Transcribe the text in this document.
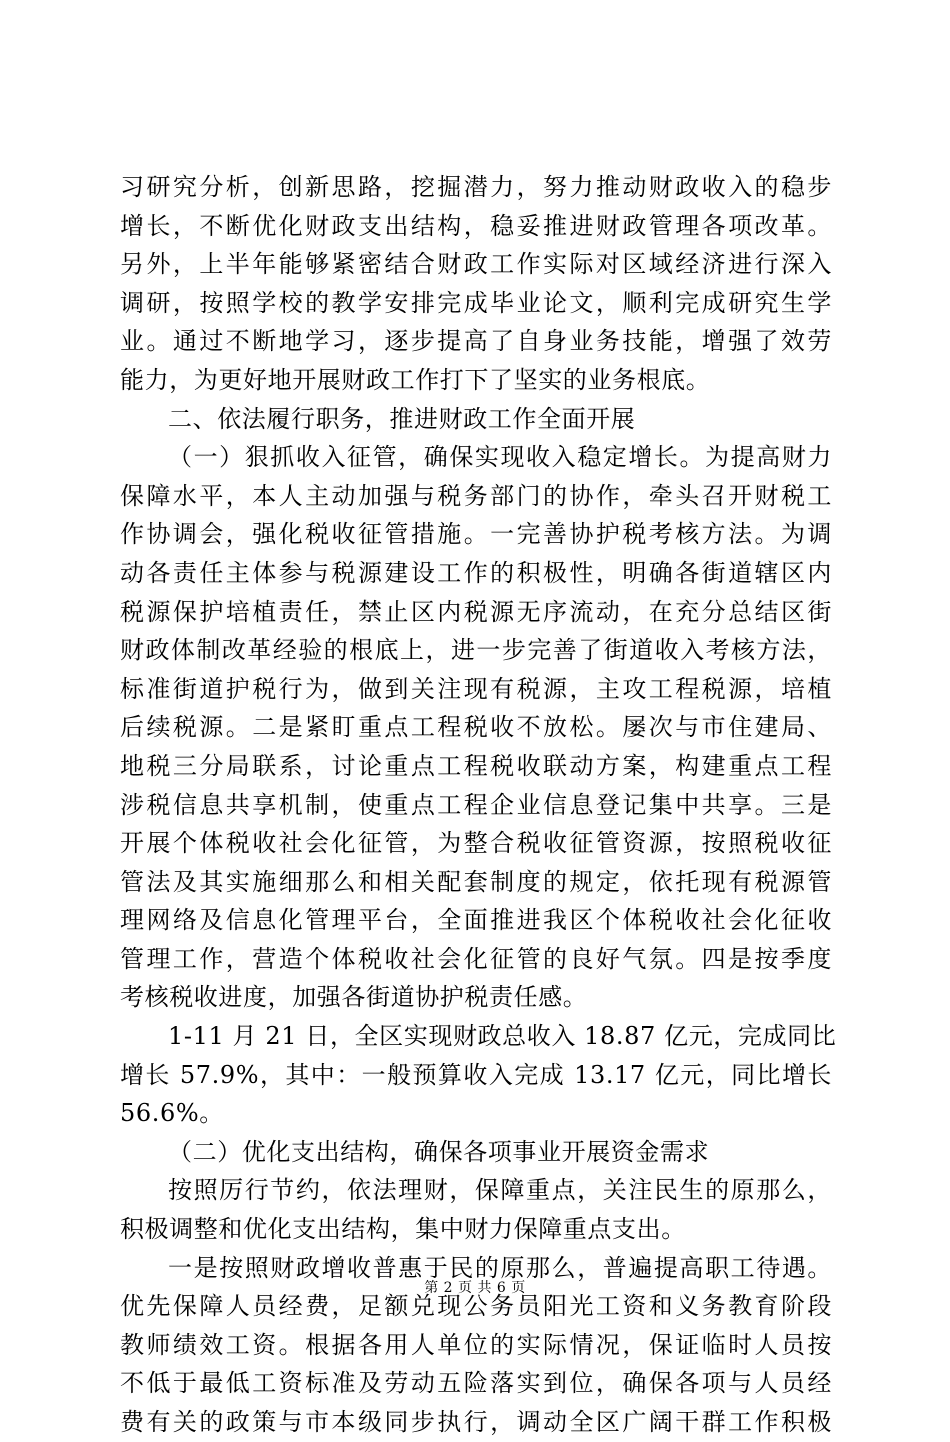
习研究分析，创新思路，挖掘潜力，努力推动财政收入的稳步
增长，不断优化财政支出结构，稳妥推进财政管理各项改革。
另外，上半年能够紧密结合财政工作实际对区域经济进行深入
调研，按照学校的教学安排完成毕业论文，顺利完成研究生学
业。通过不断地学习，逐步提高了自身业务技能，增强了效劳
能力，为更好地开展财政工作打下了坚实的业务根底。
二、依法履行职务，推进财政工作全面开展
（一）狠抓收入征管，确保实现收入稳定增长。为提高财力
保障水平，本人主动加强与税务部门的协作，牵头召开财税工
作协调会，强化税收征管措施。一完善协护税考核方法。为调
动各责任主体参与税源建设工作的积极性，明确各街道辖区内
税源保护培植责任，禁止区内税源无序流动，在充分总结区街
财政体制改革经验的根底上，进一步完善了街道收入考核方法，
标准街道护税行为，做到关注现有税源，主攻工程税源，培植
后续税源。二是紧盯重点工程税收不放松。屡次与市住建局、
地税三分局联系，讨论重点工程税收联动方案，构建重点工程
涉税信息共享机制，使重点工程企业信息登记集中共享。三是
开展个体税收社会化征管，为整合税收征管资源，按照税收征
管法及其实施细那么和相关配套制度的规定，依托现有税源管
理网络及信息化管理平台，全面推进我区个体税收社会化征收
管理工作，营造个体税收社会化征管的良好气氛。四是按季度
考核税收进度，加强各街道协护税责任感。
1-11 月 21 日，全区实现财政总收入 18.87 亿元，完成同比
增长 57.9%，其中：一般预算收入完成 13.17 亿元，同比增长
56.6%。
（二）优化支出结构，确保各项事业开展资金需求
按照厉行节约，依法理财，保障重点，关注民生的原那么，
积极调整和优化支出结构，集中财力保障重点支出。
一是按照财政增收普惠于民的原那么，普遍提高职工待遇。
优先保障人员经费，足额兑现公务员阳光工资和义务教育阶段
教师绩效工资。根据各用人单位的实际情况，保证临时人员按
不低于最低工资标准及劳动五险落实到位，确保各项与人员经
费有关的政策与市本级同步执行，调动全区广阔干群工作积极
第 2 页 共 6 页
